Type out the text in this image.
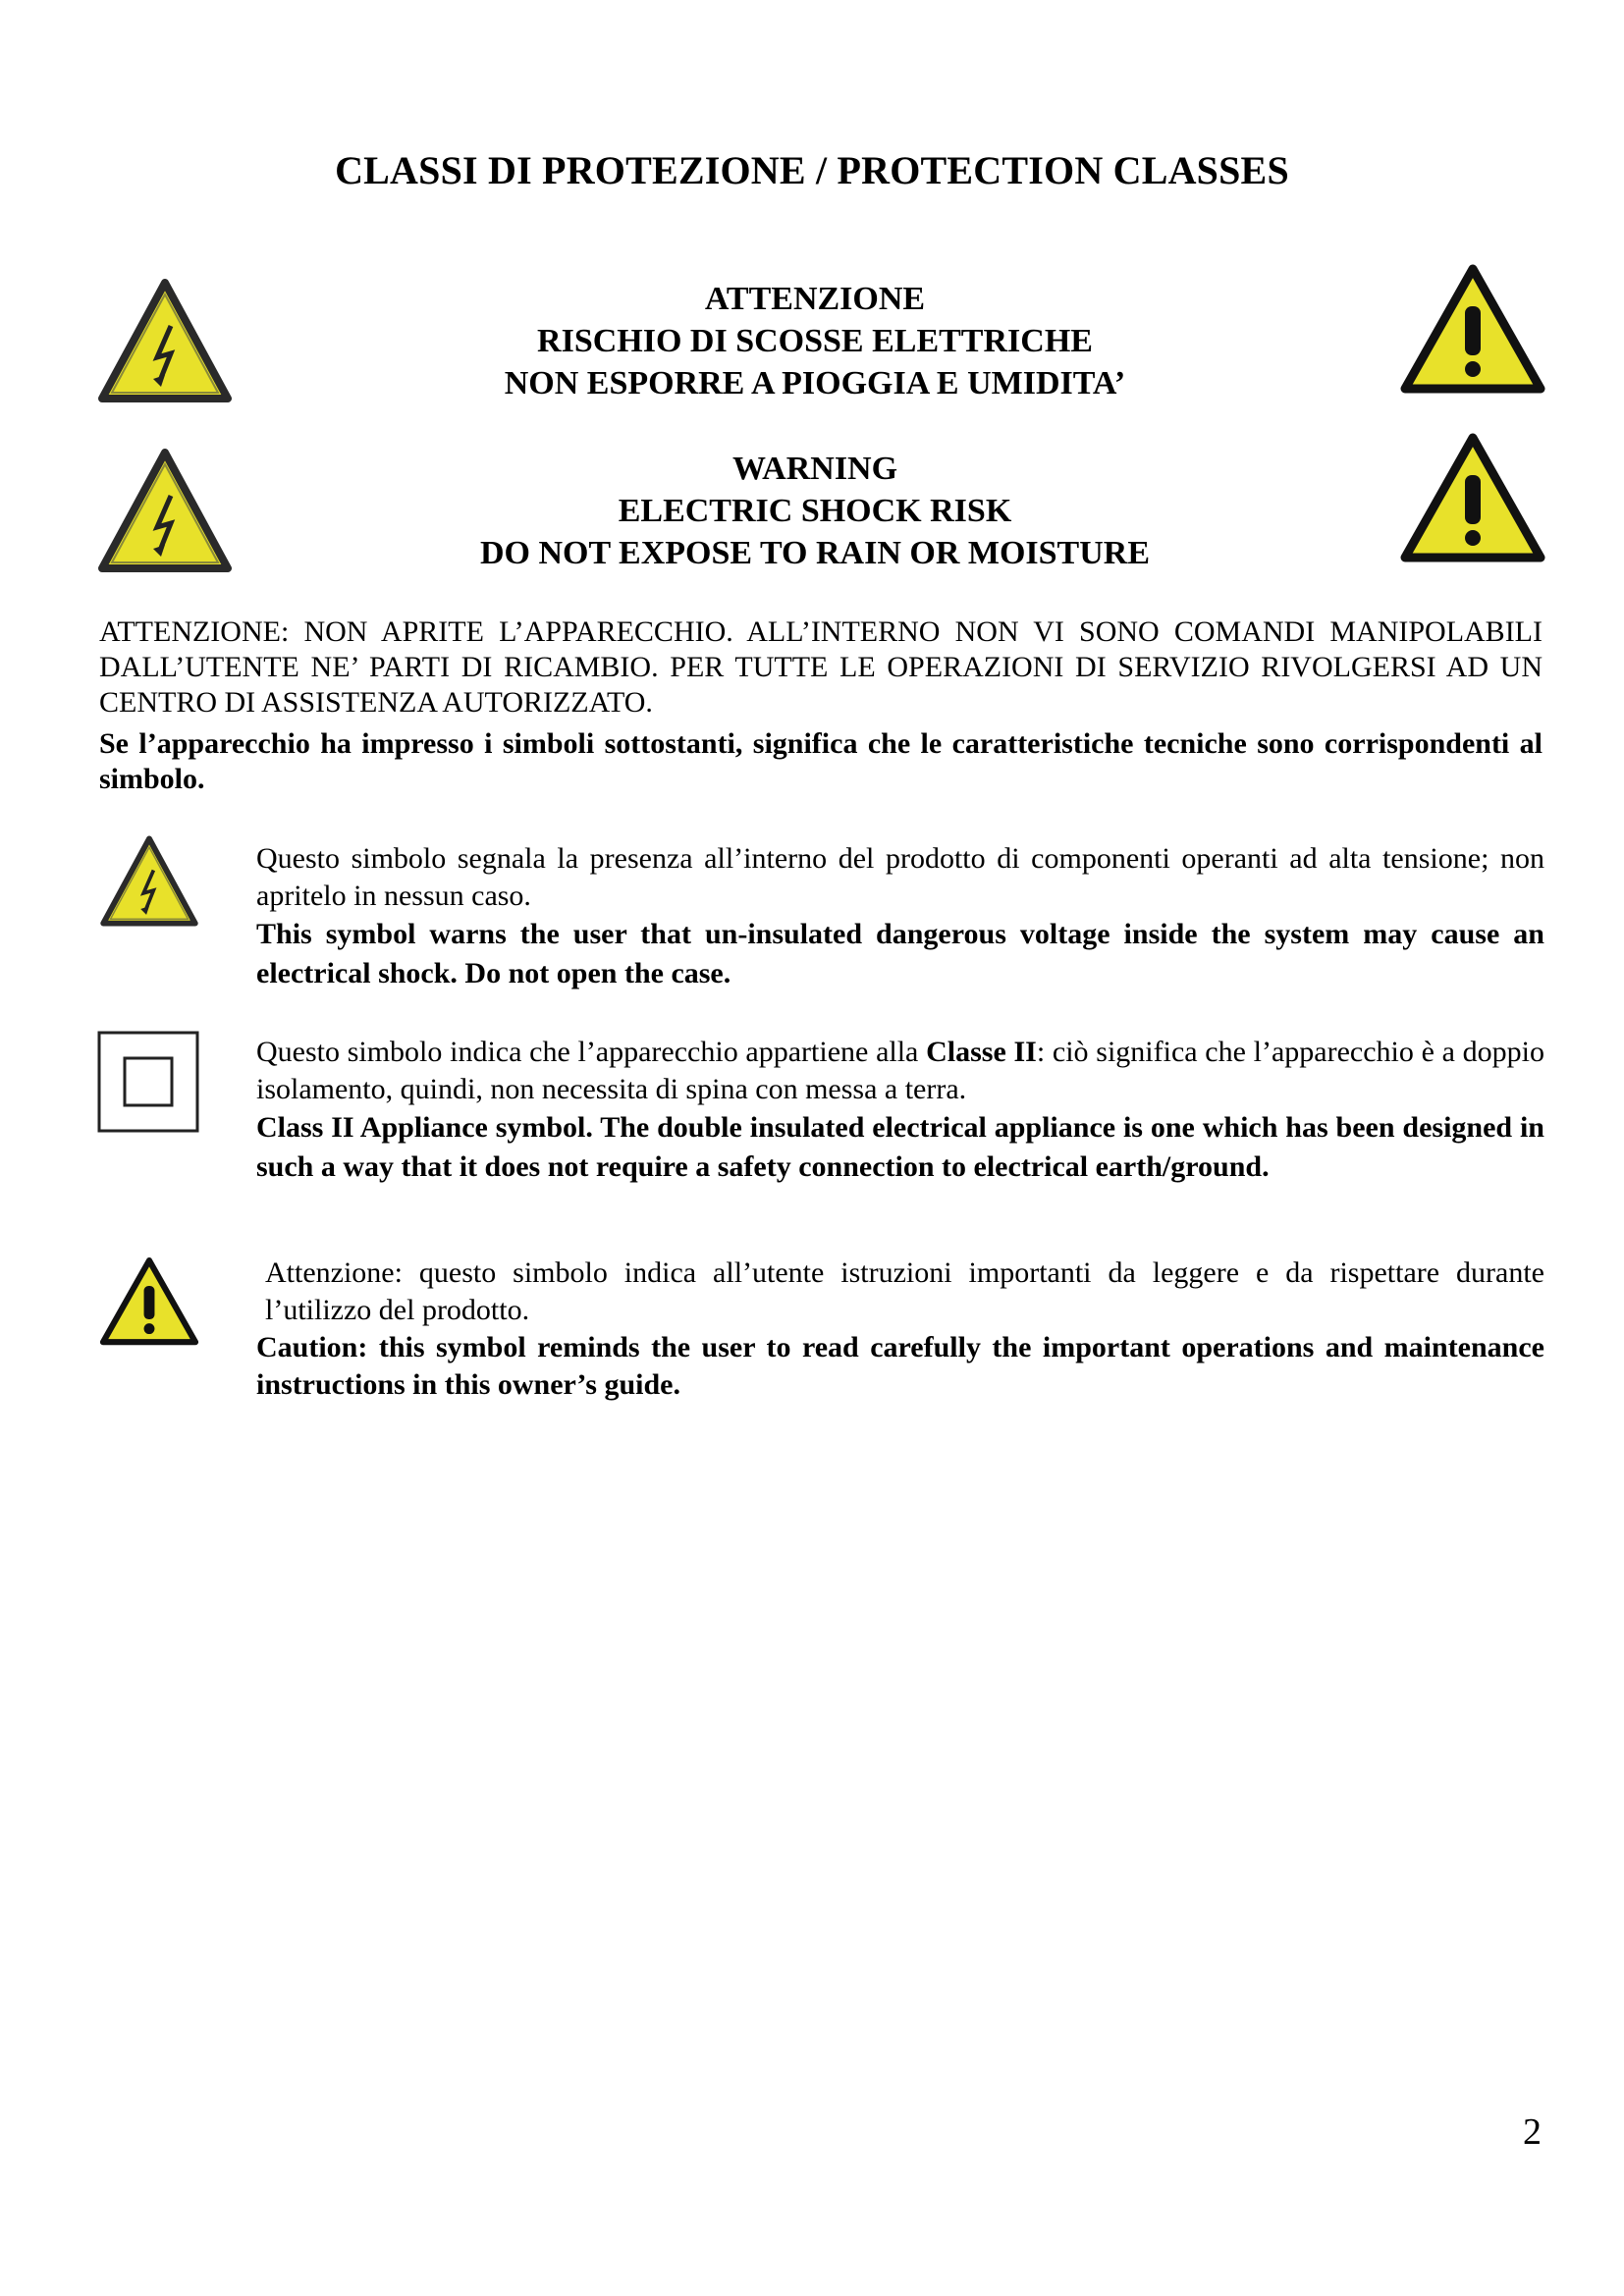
CLASSI DI PROTEZIONE / PROTECTION CLASSES
ATTENZIONE
RISCHIO DI SCOSSE ELETTRICHE
NON ESPORRE A PIOGGIA E UMIDITA’
WARNING
ELECTRIC SHOCK RISK
DO NOT EXPOSE TO RAIN OR MOISTURE
ATTENZIONE: NON APRITE L’APPARECCHIO. ALL’INTERNO NON VI SONO COMANDI MANIPOLABILI DALL’UTENTE NE’ PARTI DI RICAMBIO. PER TUTTE LE OPERAZIONI DI SERVIZIO RIVOLGERSI AD UN CENTRO DI ASSISTENZA AUTORIZZATO.
Se l’apparecchio ha impresso i simboli sottostanti, significa che le caratteristiche tecniche sono corrispondenti al simbolo.

Questo simbolo segnala la presenza all’interno del prodotto di componenti operanti ad alta tensione; non apritelo in nessun caso.

This symbol warns the user that un-insulated dangerous voltage inside the system may cause an electrical shock. Do not open the case.

Questo simbolo indica che l’apparecchio appartiene alla Classe II: ciò significa che l’apparecchio è a doppio isolamento, quindi, non necessita di spina con messa a terra.

Class II Appliance symbol. The double insulated electrical appliance is one which has been designed in such a way that it does not require a safety connection to electrical earth/ground.

Attenzione: questo simbolo indica all’utente istruzioni importanti da leggere e da rispettare durante l’utilizzo del prodotto.

Caution: this symbol reminds the user to read carefully the important operations and maintenance instructions in this owner’s guide.

2
